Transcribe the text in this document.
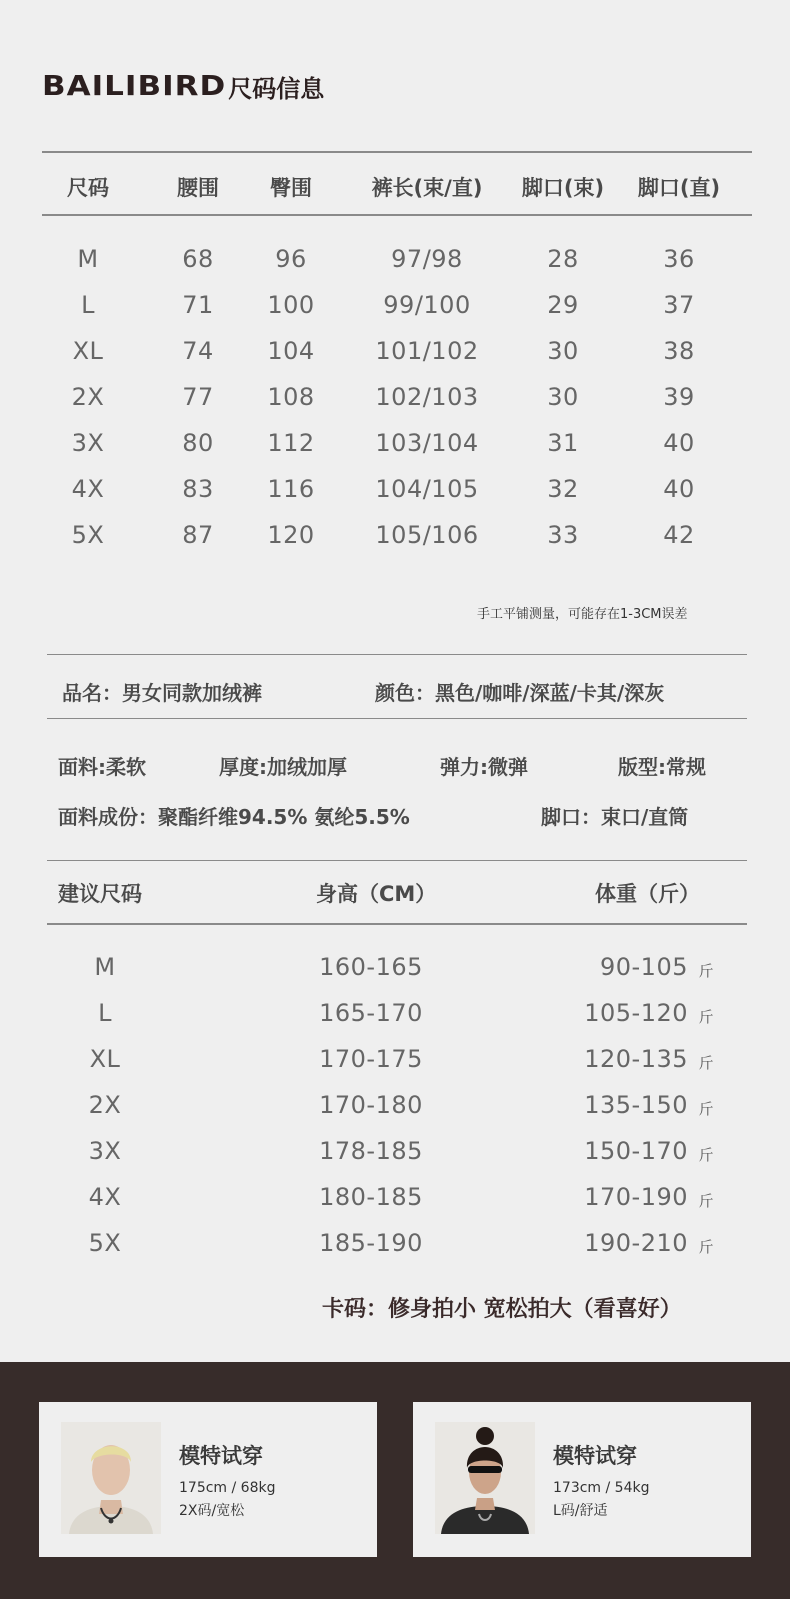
BAILIBIRD 尺码信息
尺码	腰围 臀围	裤长(束/直) 脚口(束) 脚口(直)
M	68	96	97/98	28	36
L	71 100	99/100	29	37
XL	74 104	101/102	30	38
2X	77 108	102/103	30	39
3X	80 112	103/104	31	40
4X	83 116	104/105	32	40
5X	87 120	105/106	33	42
手工平铺测量，可能存在1-3CM误差
品名：男女同款加绒裤	颜色：黑色/咖啡/深蓝/卡其/深灰
面料:柔软	厚度:加绒加厚	弹力:微弹	版型:常规
面料成份：聚酯纤维94.5% 氨纶5.5%	脚口：束口/直筒
建议尺码	身高（CM）	体重（斤）
M	160-165	90-105 斤
L	165-170	105-120 斤
XL	170-175	120-135 斤
2X	170-180	135-150 斤
3X	178-185	150-170 斤
4X	180-185	170-190 斤
5X	185-190	190-210 斤
卡码：修身拍小 宽松拍大（看喜好）
模特试穿
175cm / 68kg
2X码/宽松
模特试穿
173cm / 54kg
L码/舒适
